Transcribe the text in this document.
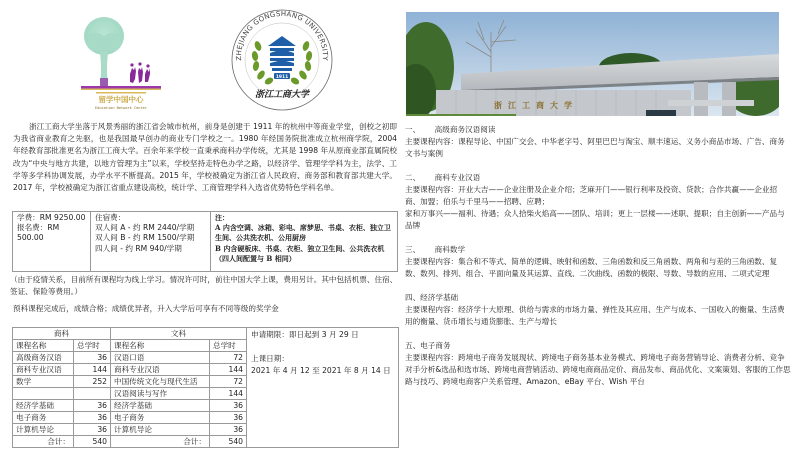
留学中国中心
Education Network Center
ZHEJIANG GONGSHANG UNIVERSITY
1911
浙江工商大学
浙江工商大学

浙江工商大学坐落于风景秀丽的浙江省会城市杭州，前身是创建于 1911 年的杭州中等商业学堂，创校之初即为我省商业教育之先驱，也是我国最早创办的商业专门学校之一。1980 年经国务院批准成立杭州商学院，2004 年经教育部批准更名为浙江工商大学。百余年来学校一直秉承商科办学传统，尤其是 1998 年从原商业部直属院校改为“中央与地方共建，以地方管理为主”以来，学校坚持走特色办学之路，以经济学、管理学学科为主，法学、工学等多学科协调发展，办学水平不断提高。2015 年，学校被确定为浙江省人民政府、商务部和教育部共建大学。 2017 年，学校被确定为浙江省重点建设高校，统计学、工商管理学科入选省优势特色学科名单。

学费：RM 9250.00
报名费：RM 500.00

住宿费：
双人间 A - 约 RM 2440/学期
双人间 B - 约 RM 1500/学期
四人间 - 约 RM 940/学期

注：
A 内含空调、冰箱、彩电、席梦思、书桌、衣柜、独立卫生间、公共洗衣机、公用厨房
B 内含硬板床、书桌、衣柜、独立卫生间、公共洗衣机（四人间配置与 B 相同）

（由于疫情关系，目前所有课程均为线上学习。情况许可时，前往中国大学上课，费用另计。其中包括机票、住宿、签证、保险等费用。）

预科课程完成后，成绩合格；成绩优异者，升入大学后可享有不同等级的奖学金

商科		文科		申请期限：即日起到 3 月 29 日
上课日期：
2021 年 4 月 12 至 2021 年 8 月 14 日

课程名称	总学时	课程名称	总学时	
高级商务汉语	36	汉语口语	72	
商科专业汉语	144	商科专业汉语	144	
数学	252	中国传统文化与现代生活	72	
		汉语阅读与写作	144	
经济学基础	36	经济学基础	36	
电子商务	36	电子商务	36	
计算机导论	36	计算机导论	36	
合计：	540	合计：	540	
一、      高级商务汉语阅读
主要课程内容：课程导论、中国广交会、中华老字号、阿里巴巴与淘宝、顺丰速运、义务小商品市场、广告、商务文书与案例
二、      商科专业汉语
主要课程内容：开业大吉——企业注册及企业介绍；芝麻开门——银行利率及投资、贷款；合作共赢——企业招商、加盟；伯乐与千里马——招聘、应聘；
家和万事兴——福利、待遇；众人拾柴火焰高——团队、培训；更上一层楼——述职、提职；自主创新——产品与品牌
三、      商科数学
主要课程内容：集合和不等式、简单的逻辑、映射和函数、三角函数和反三角函数、两角和与差的三角函数、复数、数列、排列、组合、平面向量及其运算、直线、二次曲线、函数的极限、导数、导数的应用、二项式定理
四、经济学基础
主要课程内容：经济学十大原理、供给与需求的市场力量、弹性及其应用、生产与成本、一国收入的衡量、生活费用的衡量、货币增长与通货膨胀、生产与增长
五、电子商务
主要课程内容：跨境电子商务发展现状、跨境电子商务基本业务模式、跨境电子商务营销导论、消费者分析、竞争对手分析&选品和选市场、跨境电商营销活动、跨境电商商品定价、商品发布、商品优化、文案策划、客服的工作思路与技巧、跨境电商客户关系管理、Amazon、eBay 平台、Wish 平台
